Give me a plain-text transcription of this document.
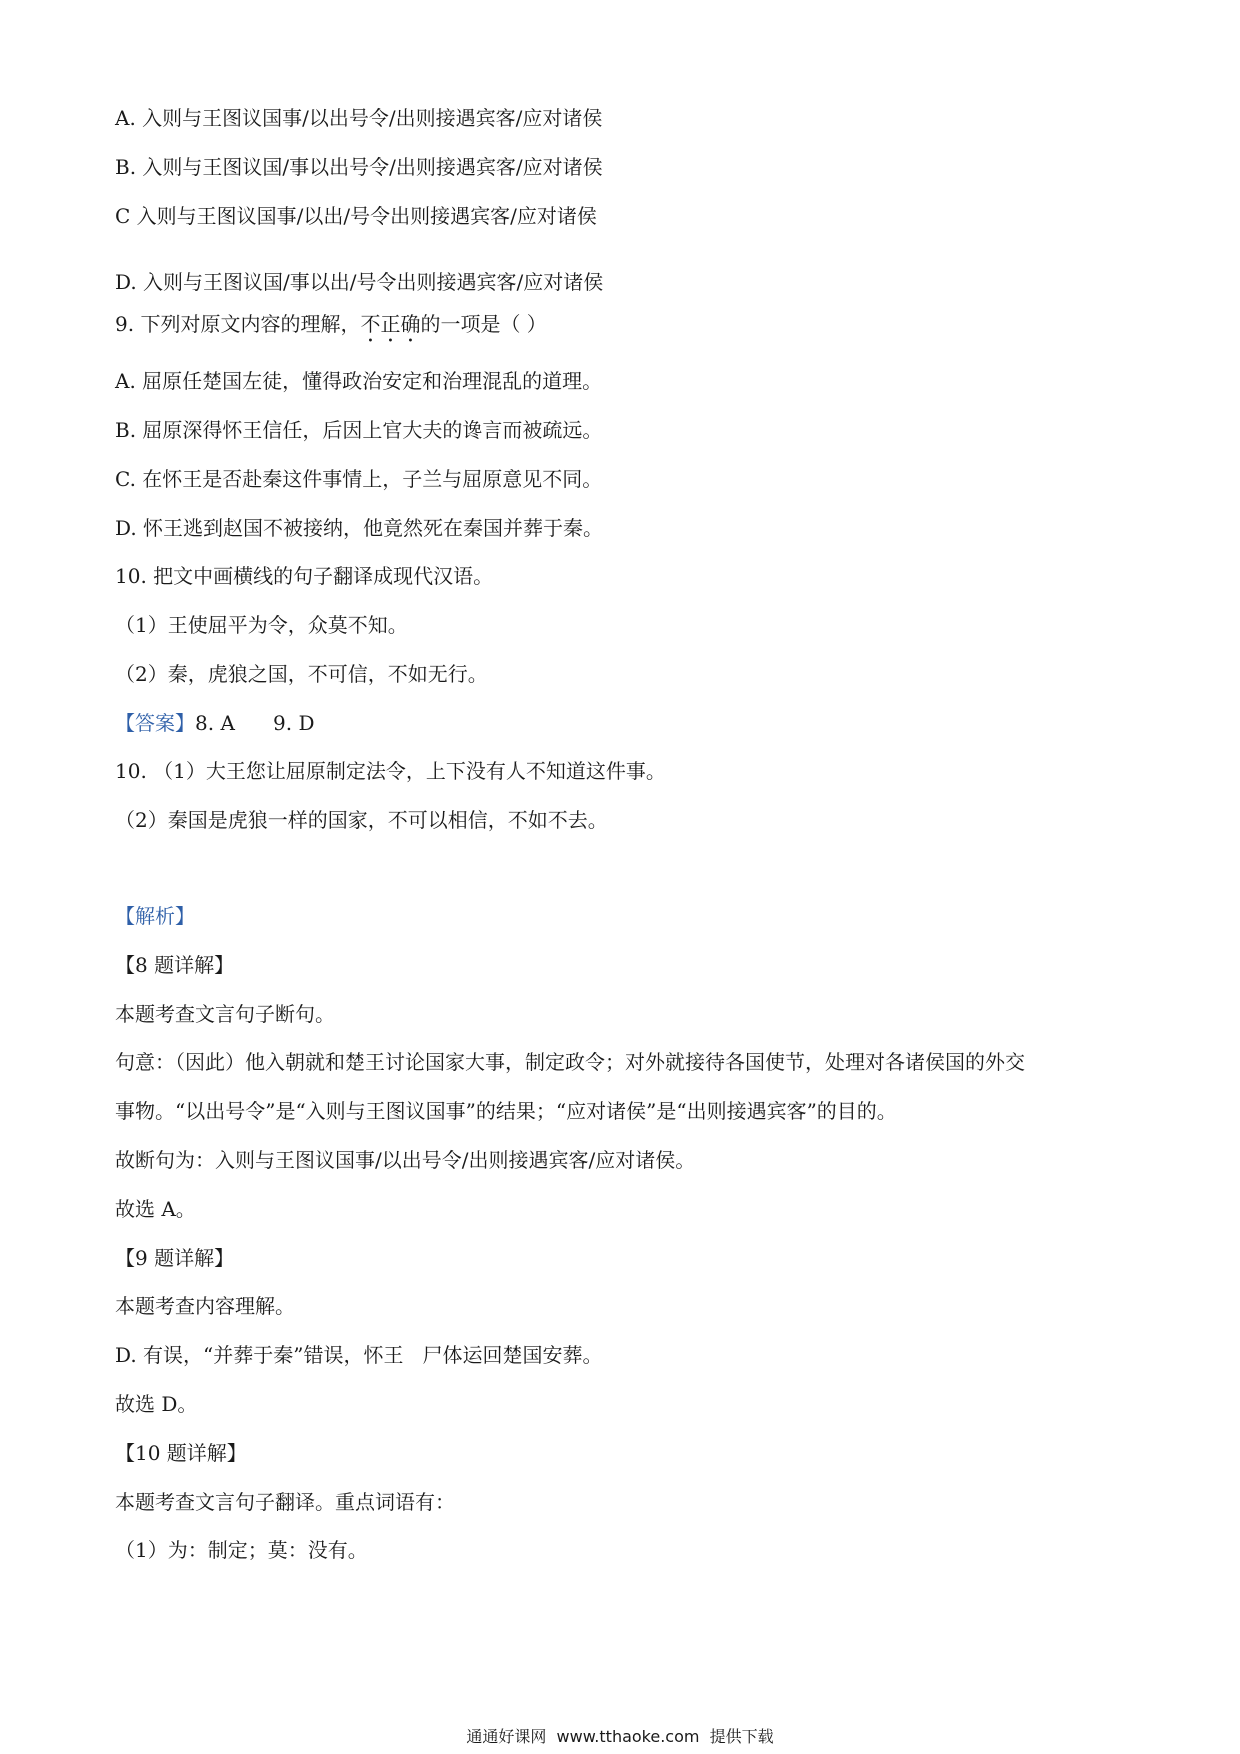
A. 入则与王图议国事/以出号令/出则接遇宾客/应对诸侯
B. 入则与王图议国/事以出号令/出则接遇宾客/应对诸侯
C 入则与王图议国事/以出/号令出则接遇宾客/应对诸侯
D. 入则与王图议国/事以出/号令出则接遇宾客/应对诸侯
9. 下列对原文内容的理解，不正确的一项是（ ）
A. 屈原任楚国左徒，懂得政治安定和治理混乱的道理。
B. 屈原深得怀王信任，后因上官大夫的谗言而被疏远。
C. 在怀王是否赴秦这件事情上，子兰与屈原意见不同。
D. 怀王逃到赵国不被接纳，他竟然死在秦国并葬于秦。
10. 把文中画横线的句子翻译成现代汉语。
（1）王使屈平为令，众莫不知。
（2）秦，虎狼之国，不可信，不如无行。
【答案】8. A      9. D
10. （1）大王您让屈原制定法令，上下没有人不知道这件事。
（2）秦国是虎狼一样的国家，不可以相信，不如不去。
【解析】
【8 题详解】
本题考查文言句子断句。
句意：（因此）他入朝就和楚王讨论国家大事，制定政令；对外就接待各国使节，处理对各诸侯国的外交
事物。“以出号令”是“入则与王图议国事”的结果；“应对诸侯”是“出则接遇宾客”的目的。
故断句为：入则与王图议国事/以出号令/出则接遇宾客/应对诸侯。
故选 A。
【9 题详解】
本题考查内容理解。
D. 有误，“并葬于秦”错误，怀王   尸体运回楚国安葬。
故选 D。
【10 题详解】
本题考查文言句子翻译。重点词语有：
（1）为：制定；莫：没有。
通通好课网  www.tthaoke.com  提供下载
